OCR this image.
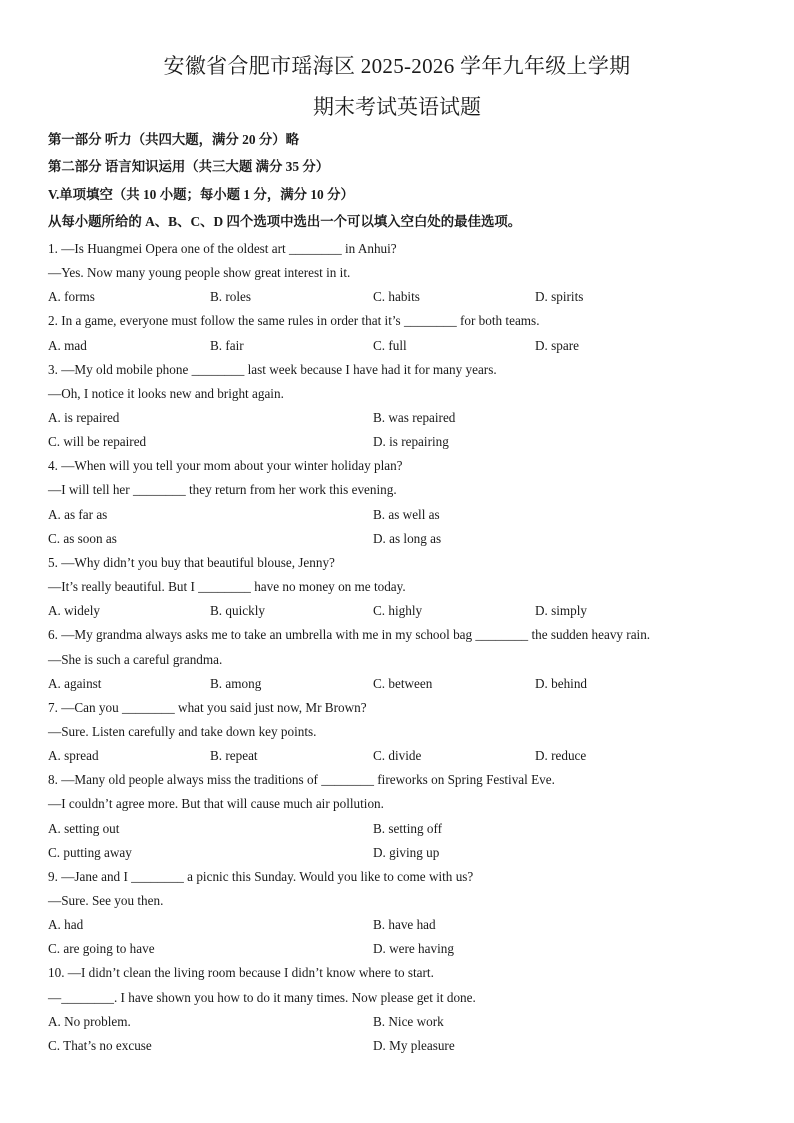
安徽省合肥市瑶海区 2025-2026 学年九年级上学期
期末考试英语试题
第一部分 听力（共四大题，满分 20 分）略
第二部分 语言知识运用（共三大题 满分 35 分）
V.单项填空（共 10 小题；每小题 1 分，满分 10 分）
从每小题所给的 A、B、C、D 四个选项中选出一个可以填入空白处的最佳选项。
1. —Is Huangmei Opera one of the oldest art ________ in Anhui?
—Yes. Now many young people show great interest in it.
A. forms	B. roles	C. habits	D. spirits
2. In a game, everyone must follow the same rules in order that it’s ________ for both teams.
A. mad	B. fair	C. full	D. spare
3. —My old mobile phone ________ last week because I have had it for many years.
—Oh, I notice it looks new and bright again.
A. is repaired	B. was repaired
C. will be repaired	D. is repairing
4. —When will you tell your mom about your winter holiday plan?
—I will tell her ________ they return from her work this evening.
A. as far as	B. as well as
C. as soon as	D. as long as
5. —Why didn’t you buy that beautiful blouse, Jenny?
—It’s really beautiful. But I ________ have no money on me today.
A. widely	B. quickly	C. highly	D. simply
6. —My grandma always asks me to take an umbrella with me in my school bag ________ the sudden heavy rain.
—She is such a careful grandma.
A. against	B. among	C. between	D. behind
7. —Can you ________ what you said just now, Mr Brown?
—Sure. Listen carefully and take down key points.
A. spread	B. repeat	C. divide	D. reduce
8. —Many old people always miss the traditions of ________ fireworks on Spring Festival Eve.
—I couldn’t agree more. But that will cause much air pollution.
A. setting out	B. setting off
C. putting away	D. giving up
9. —Jane and I ________ a picnic this Sunday. Would you like to come with us?
—Sure. See you then.
A. had	B. have had
C. are going to have	D. were having
10. —I didn’t clean the living room because I didn’t know where to start.
—________. I have shown you how to do it many times. Now please get it done.
A. No problem.	B. Nice work
C. That’s no excuse	D. My pleasure
